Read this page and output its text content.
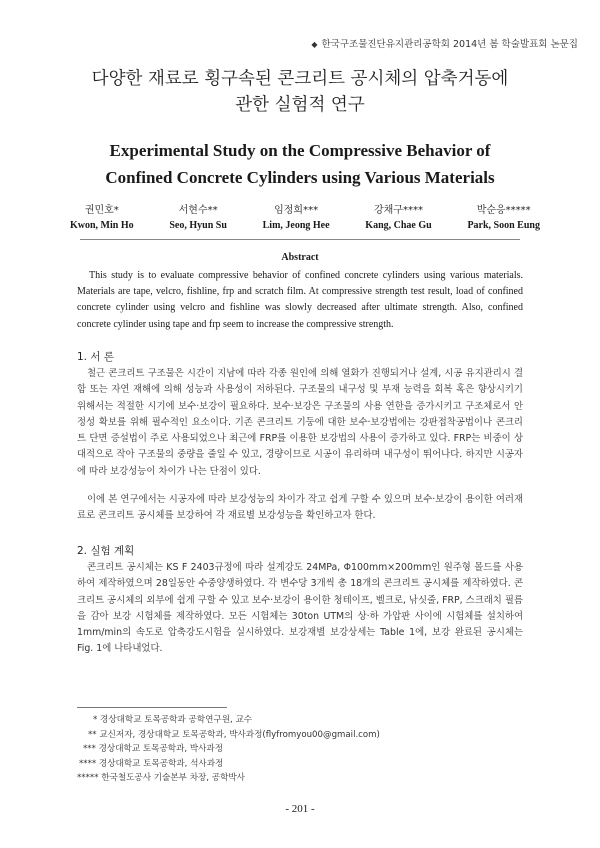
◆ 한국구조물진단유지관리공학회 2014년 봄 학술발표회 논문집
다양한 재료로 횡구속된 콘크리트 공시체의 압축거동에
관한 실험적 연구
Experimental Study on the Compressive Behavior of
Confined Concrete Cylinders using Various Materials
권민호*
Kwon, Min Ho
서현수**
Seo, Hyun Su
임정희***
Lim, Jeong Hee
강채구****
Kang, Chae Gu
박순응*****
Park, Soon Eung
Abstract
This study is to evaluate compressive behavior of confined concrete cylinders using various materials. Materials are tape, velcro, fishline, frp and scratch film. At compressive strength test result, load of confined concrete cylinder using velcro and fishline was slowly decreased after ultimate strength. Also, confined concrete cylinder using tape and frp seem to increase the compressive strength.
1. 서 론
철근 콘크리트 구조물은 시간이 지남에 따라 각종 원인에 의해 열화가 진행되거나 설계, 시공 유지관리시 결함 또는 자연 재해에 의해 성능과 사용성이 저하된다. 구조물의 내구성 및 부재 능력을 회복 혹은 향상시키기 위해서는 적절한 시기에 보수·보강이 필요하다. 보수·보강은 구조물의 사용 연한을 증가시키고 구조체로서 안정성 확보를 위해 필수적인 요소이다. 기존 콘크리트 기둥에 대한 보수·보강법에는 강판접착공법이나 콘크리트 단면 증설법이 주로 사용되었으나 최근에 FRP를 이용한 보강법의 사용이 증가하고 있다. FRP는 비중이 상대적으로 작아 구조물의 중량을 줄일 수 있고, 경량이므로 시공이 유리하며 내구성이 뛰어나다. 하지만 시공자에 따라 보강성능이 차이가 나는 단점이 있다.
이에 본 연구에서는 시공자에 따라 보강성능의 차이가 작고 쉽게 구할 수 있으며 보수·보강이 용이한 여러재료로 콘크리트 공시체를 보강하여 각 재료별 보강성능을 확인하고자 한다.
2. 실험 계획
콘크리트 공시체는 KS F 2403규정에 따라 설계강도 24MPa, Φ100mm×200mm인 원주형 몰드를 사용하여 제작하였으며 28일동안 수중양생하였다. 각 변수당 3개씩 총 18개의 콘크리트 공시체를 제작하였다. 콘크리트 공시체의 외부에 쉽게 구할 수 있고 보수·보강이 용이한 청테이프, 벨크로, 낚싯줄, FRP, 스크래치 필름을 감아 보강 시험체를 제작하였다. 모든 시험체는 30ton UTM의 상·하 가압판 사이에 시험체를 설치하여 1mm/min의 속도로 압축강도시험을 실시하였다. 보강재별 보강상세는 Table 1에, 보강 완료된 공시체는 Fig. 1에 나타내었다.
* 경상대학교 토목공학과 공학연구원, 교수
** 교신저자, 경상대학교 토목공학과, 박사과정(flyfromyou00@gmail.com)
*** 경상대학교 토목공학과, 박사과정
**** 경상대학교 토목공학과, 석사과정
***** 한국철도공사 기술본부 차장, 공학박사
- 201 -
